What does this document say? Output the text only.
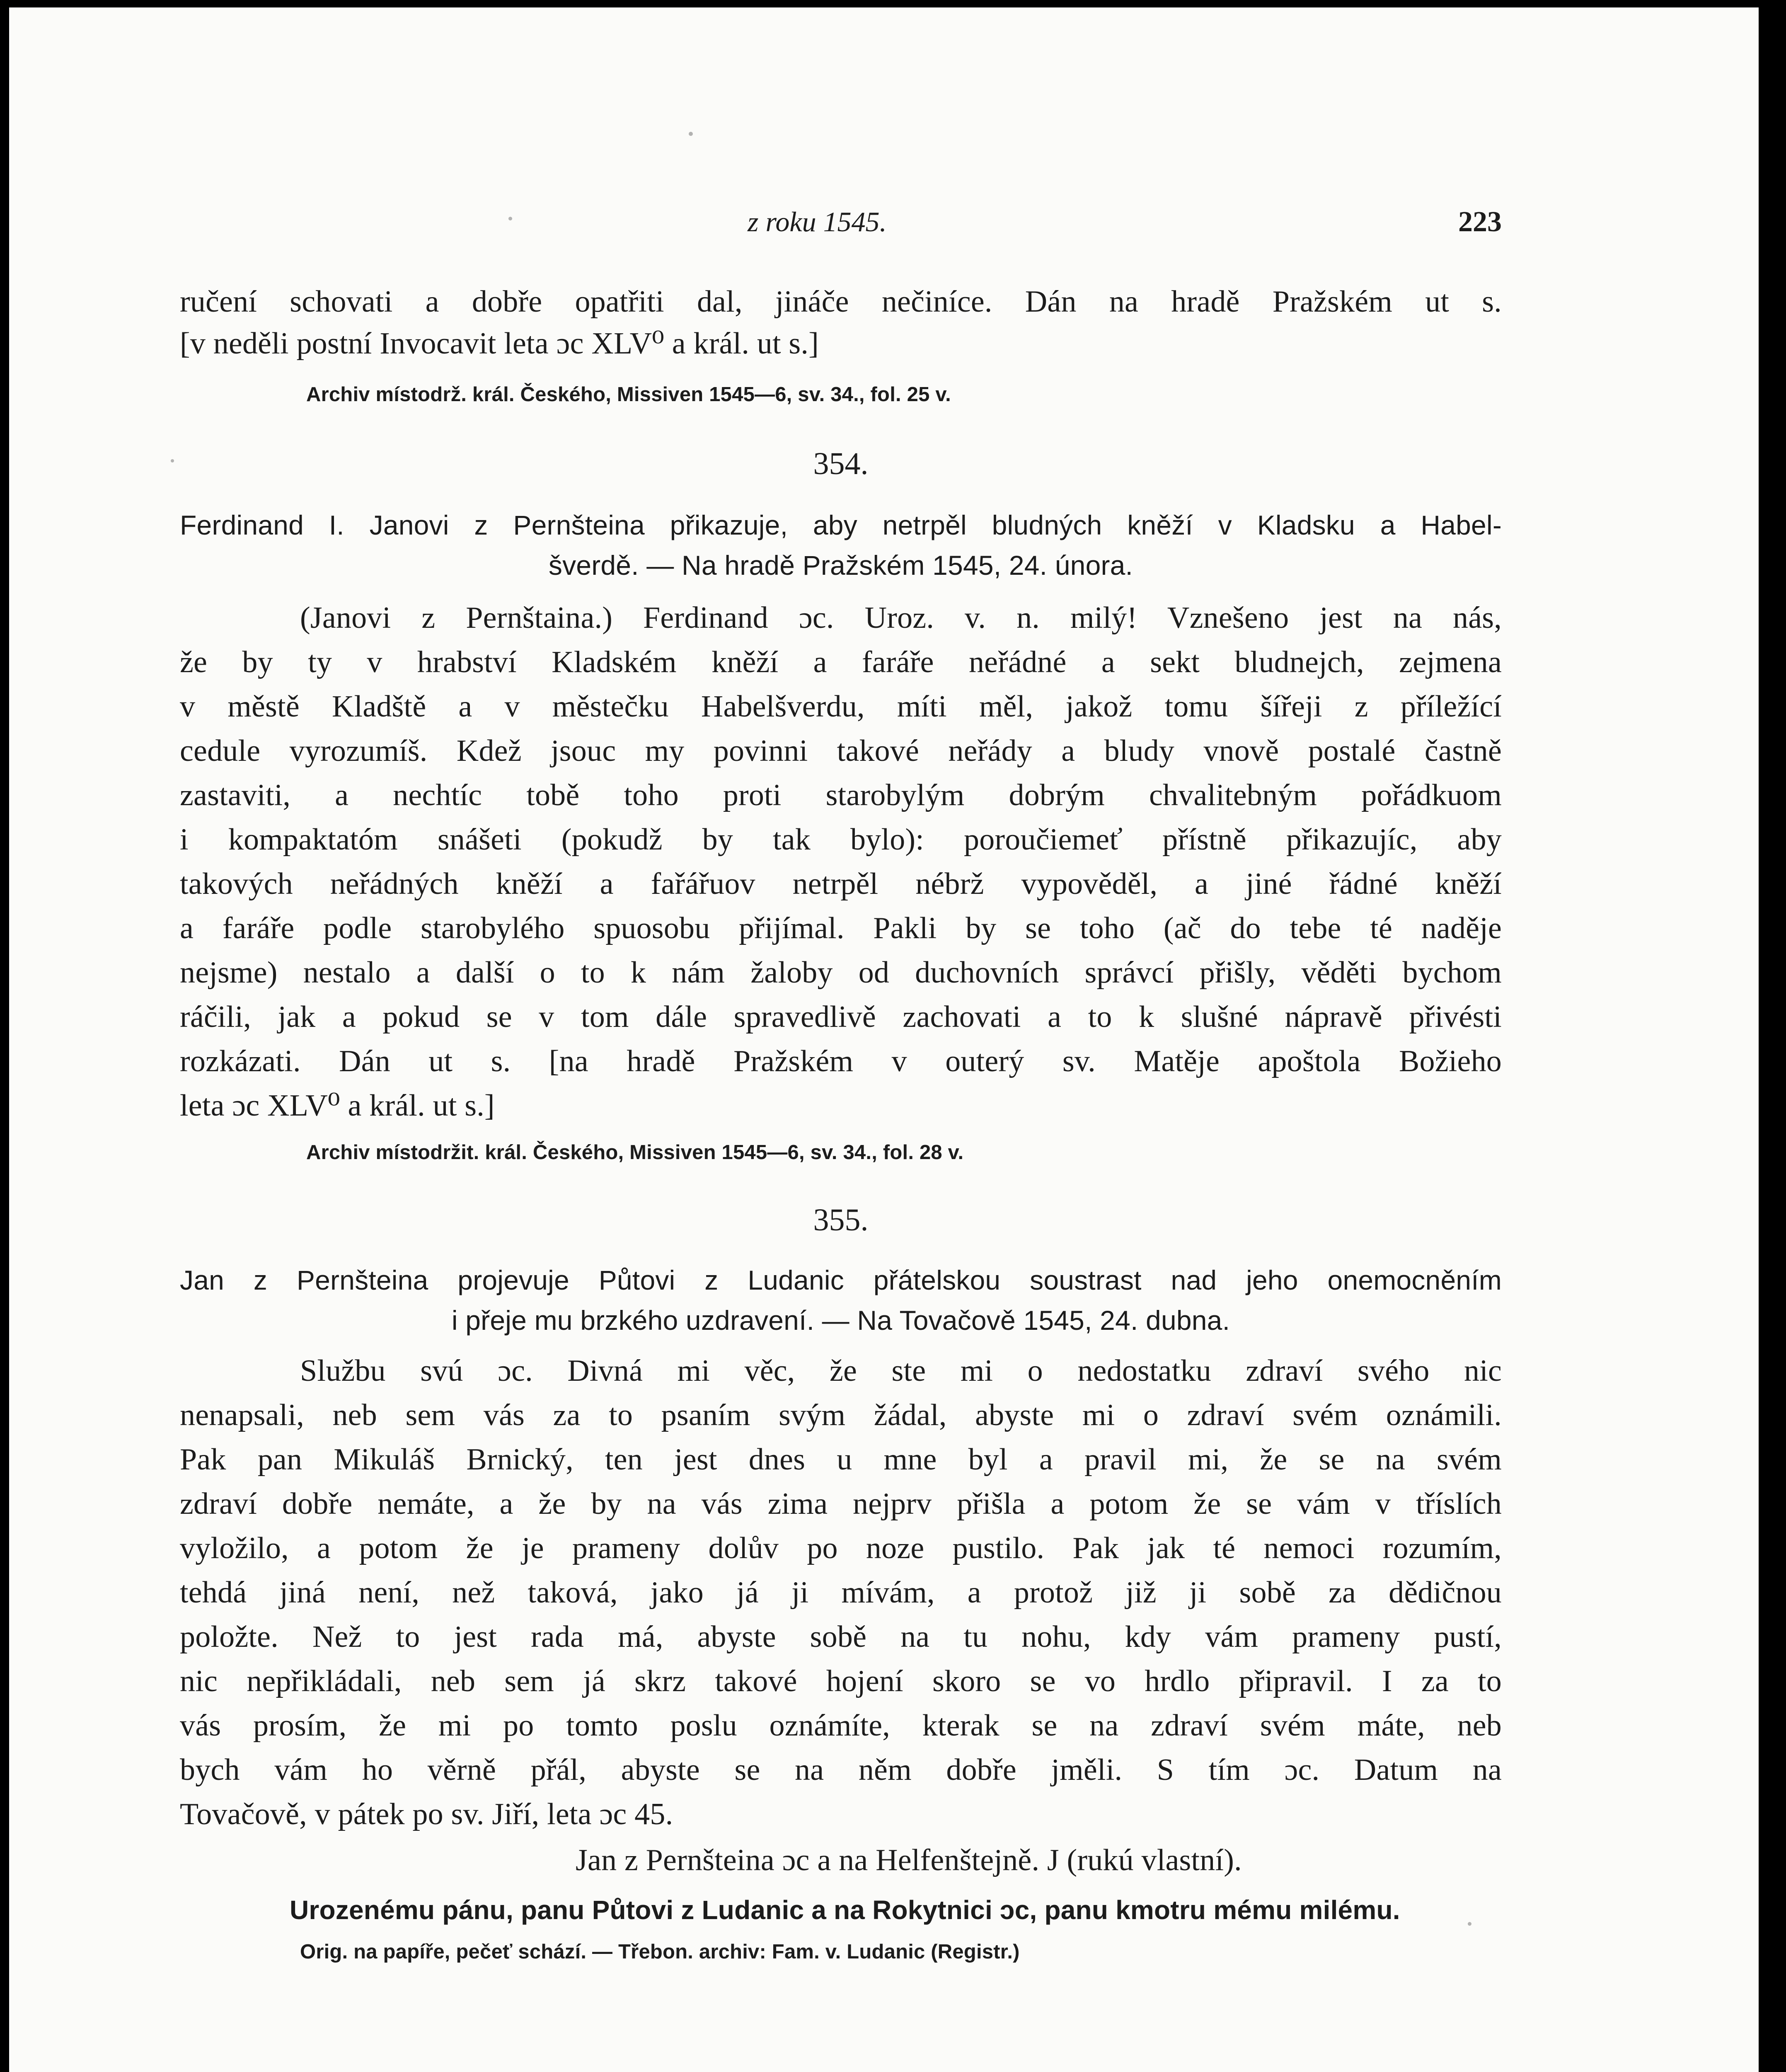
z roku 1545.	223
ručení schovati a dobře opatřiti dal, jináče nečiníce. Dán na hradě Pražském ut s.
[v neděli postní Invocavit leta ɔc XLV⁰ a král. ut s.]
Archiv místodrž. král. Českého, Missiven 1545—6, sv. 34., fol. 25 v.
354.
Ferdinand I. Janovi z Pernšteina přikazuje, aby netrpěl bludných kněží v Kladsku a Habel-
šverdě. — Na hradě Pražském 1545, 24. února.
(Janovi z Pernštaina.) Ferdinand ɔc. Uroz. v. n. milý! Vznešeno jest na nás,
že by ty v hrabství Kladském kněží a faráře neřádné a sekt bludnejch, zejmena
v městě Kladště a v městečku Habelšverdu, míti měl, jakož tomu šířeji z příležící
cedule vyrozumíš. Kdež jsouc my povinni takové neřády a bludy vnově postalé častně
zastaviti, a nechtíc tobě toho proti starobylým dobrým chvalitebným pořádkuom
i kompaktatóm snášeti (pokudž by tak bylo): poroučiemeť přístně přikazujíc, aby
takových neřádných kněží a fařářuov netrpěl nébrž vypověděl, a jiné řádné kněží
a faráře podle starobylého spuosobu přijímal. Pakli by se toho (ač do tebe té naděje
nejsme) nestalo a další o to k nám žaloby od duchovních správcí přišly, věděti bychom
ráčili, jak a pokud se v tom dále spravedlivě zachovati a to k slušné nápravě přivésti
rozkázati. Dán ut s. [na hradě Pražském v outerý sv. Matěje apoštola Božieho
leta ɔc XLV⁰ a král. ut s.]
Archiv místodržit. král. Českého, Missiven 1545—6, sv. 34., fol. 28 v.
355.
Jan z Pernšteina projevuje Půtovi z Ludanic přátelskou soustrast nad jeho onemocněním
i přeje mu brzkého uzdravení. — Na Tovačově 1545, 24. dubna.
Službu svú ɔc. Divná mi věc, že ste mi o nedostatku zdraví svého nic
nenapsali, neb sem vás za to psaním svým žádal, abyste mi o zdraví svém oznámili.
Pak pan Mikuláš Brnický, ten jest dnes u mne byl a pravil mi, že se na svém
zdraví dobře nemáte, a že by na vás zima nejprv přišla a potom že se vám v tříslích
vyložilo, a potom že je prameny dolův po noze pustilo. Pak jak té nemoci rozumím,
tehdá jiná není, než taková, jako já ji mívám, a protož již ji sobě za dědičnou
položte. Než to jest rada má, abyste sobě na tu nohu, kdy vám prameny pustí,
nic nepřikládali, neb sem já skrz takové hojení skoro se vo hrdlo připravil. I za to
vás prosím, že mi po tomto poslu oznámíte, kterak se na zdraví svém máte, neb
bych vám ho věrně přál, abyste se na něm dobře jměli. S tím ɔc. Datum na
Tovačově, v pátek po sv. Jiří, leta ɔc 45.
Jan z Pernšteina ɔc a na Helfenštejně. J (rukú vlastní).
Urozenému pánu, panu Půtovi z Ludanic a na Rokytnici ɔc, panu kmotru mému milému.
Orig. na papíře, pečeť schází. — Třebon. archiv: Fam. v. Ludanic (Registr.)
